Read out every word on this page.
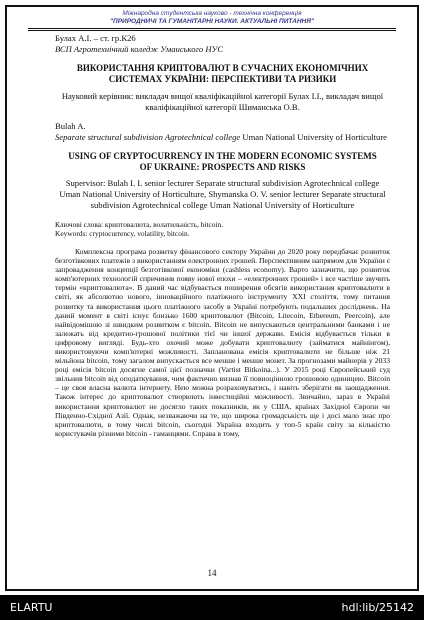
Міжнародна студентська науково - технічна конференція
"ПРИРОДНИЧІ ТА ГУМАНІТАРНІ НАУКИ. АКТУАЛЬНІ ПИТАННЯ"
Булах А.І. – ст. гр.К26
ВСП Агротехнічний коледж Уманського НУС
ВИКОРИСТАННЯ КРИПТОВАЛЮТ В СУЧАСНИХ ЕКОНОМІЧНИХ СИСТЕМАХ УКРАЇНИ: ПЕРСПЕКТИВИ ТА РИЗИКИ
Науковий керівник: викладач вищої кваліфікаційної категорії Булах І.І., викладач вищої кваліфікаційної категорії Шиманська О.В.
Bulah A.
Separate structural subdivision Agrotechnical college Uman National University of Horticulture
USING OF CRYPTOCURRENCY IN THE MODERN ECONOMIC SYSTEMS OF UKRAINE: PROSPECTS AND RISKS
Supervisor: Bulah I. I. senior lecturer Separate structural subdivision Agrotechnical college Uman National University of Horticulture, Shymanska O. V. senior lecturer Separate structural subdivision Agrotechnical college Uman National University of Horticulture
Ключові слова: криптовалюта, волатильність, bitcoin.
Keywords: cryptocurrency, volatility, bitcoin.
Комплексна програма розвитку фінансового сектору України до 2020 року передбачає розвиток безготівкових платежів з використанням електронних грошей. Перспективним напрямом для України є запровадження концепції безготівкової економіки (cashless economy). Варто зазначити, що розвиток комп'ютерних технологій спричинив появу нової епохи – «електронних грошей» і все частіше звучить термін «криптовалюта». В даний час відбувається поширення обсягів використання криптовалюти в світі, як абсолютно нового, інноваційного платіжного інструменту XXI століття, тому питання розвитку та використання цього платіжного засобу в Україні потребують подальших досліджень. На даний момент в світі існує близько 1600 криптовалют (Bitcoin, Litecoin, Ethereum, Peercoin), але найвідомішою зі швидким розвитком є bitcoin. Bitcoin не випускаються центральними банками і не залежать від кредитно-грошової політики тієї чи іншої держави. Емісія відбувається тільки в цифровому вигляді. Будь-хто охочий може добувати криптовалюту (займатися майнінгом), використовуючи комп'ютерні можливості. Запланована емісія криптовалюти не більше ніж 21 мільйона bitcoin, тому загалом випускається все менше і менше монет. За прогнозами майнерів у 2033 році емісія bitcoin досягне самої цієї позначки (Vartist Bitkoina...). У 2015 році Європейський суд звільнив bitcoin від оподаткування, чим фактично визнав її повноцінною грошовою одиницею. Bitcoin – це своя власна валюта інтернету. Нею можна розраховуватись, і навіть зберігати як заощадження. Також інтерес до криптовалют створюють інвестиційні можливості. Звичайно, зараз в Україні використання криптовалют не досягло таких показників, як у США, країнах Західної Європи чи Південно-Східної Азії. Однак, незважаючи на те, що широка громадськість ще і досі мало знає про криптовалюти, в тому числі bitcoin, сьогодні Україна входить у топ-5 країн світу за кількістю користувачів різними bitcoin - гаманцями. Справа в тому,
14
ELARTU	hdl:lib/25142
